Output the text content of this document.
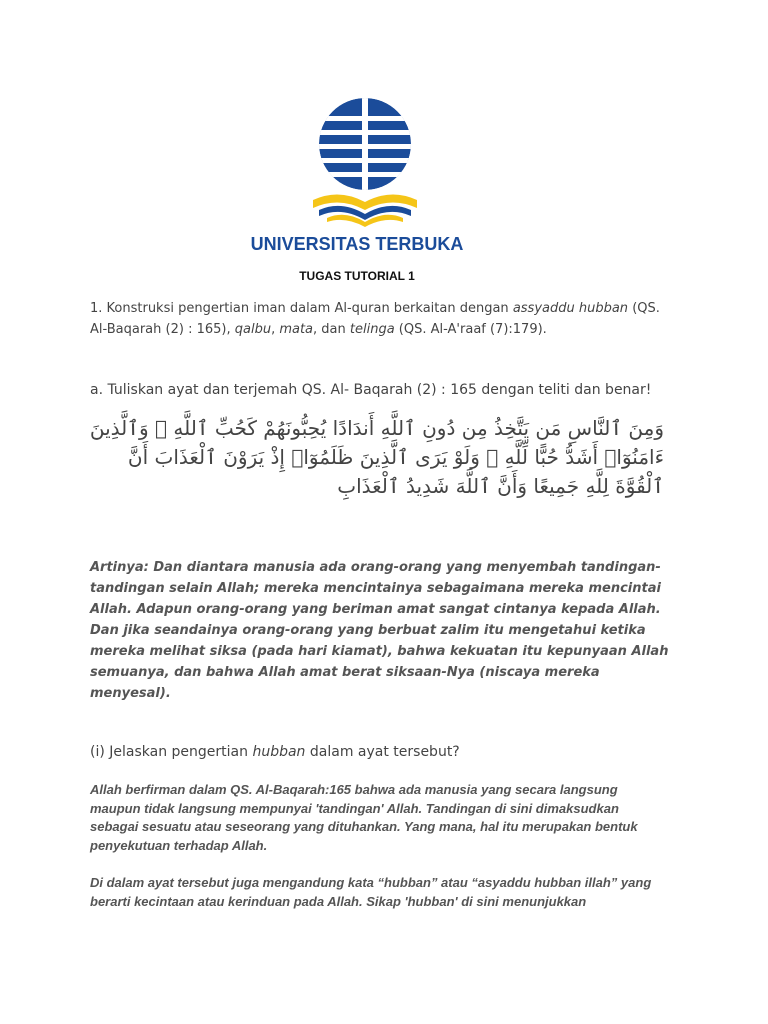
UNIVERSITAS TERBUKA
TUGAS TUTORIAL 1

1. Konstruksi pengertian iman dalam Al-quran berkaitan dengan assyaddu hubban (QS. Al-Baqarah (2) : 165), qalbu, mata, dan telinga (QS. Al-A'raaf (7):179).

a. Tuliskan ayat dan terjemah QS. Al- Baqarah (2) : 165 dengan teliti dan benar!

وَمِنَ ٱلنَّاسِ مَن يَتَّخِذُ مِن دُونِ ٱللَّهِ أَندَادًا يُحِبُّونَهُمْ كَحُبِّ ٱللَّهِ ۖ وَٱلَّذِينَ ءَامَنُوٓا۟ أَشَدُّ حُبًّا لِّلَّهِ ۗ وَلَوْ يَرَى ٱلَّذِينَ ظَلَمُوٓا۟ إِذْ يَرَوْنَ ٱلْعَذَابَ أَنَّ ٱلْقُوَّةَ لِلَّهِ جَمِيعًا وَأَنَّ ٱللَّهَ شَدِيدُ ٱلْعَذَابِ

Artinya: Dan diantara manusia ada orang-orang yang menyembah tandingan-tandingan selain Allah; mereka mencintainya sebagaimana mereka mencintai Allah. Adapun orang-orang yang beriman amat sangat cintanya kepada Allah. Dan jika seandainya orang-orang yang berbuat zalim itu mengetahui ketika mereka melihat siksa (pada hari kiamat), bahwa kekuatan itu kepunyaan Allah semuanya, dan bahwa Allah amat berat siksaan-Nya (niscaya mereka menyesal).

(i) Jelaskan pengertian hubban dalam ayat tersebut?

Allah berfirman dalam QS. Al-Baqarah:165 bahwa ada manusia yang secara langsung maupun tidak langsung mempunyai 'tandingan' Allah. Tandingan di sini dimaksudkan sebagai sesuatu atau seseorang yang dituhankan. Yang mana, hal itu merupakan bentuk penyekutuan terhadap Allah.

Di dalam ayat tersebut juga mengandung kata “hubban” atau “asyaddu hubban illah” yang berarti kecintaan atau kerinduan pada Allah. Sikap 'hubban' di sini menunjukkan
